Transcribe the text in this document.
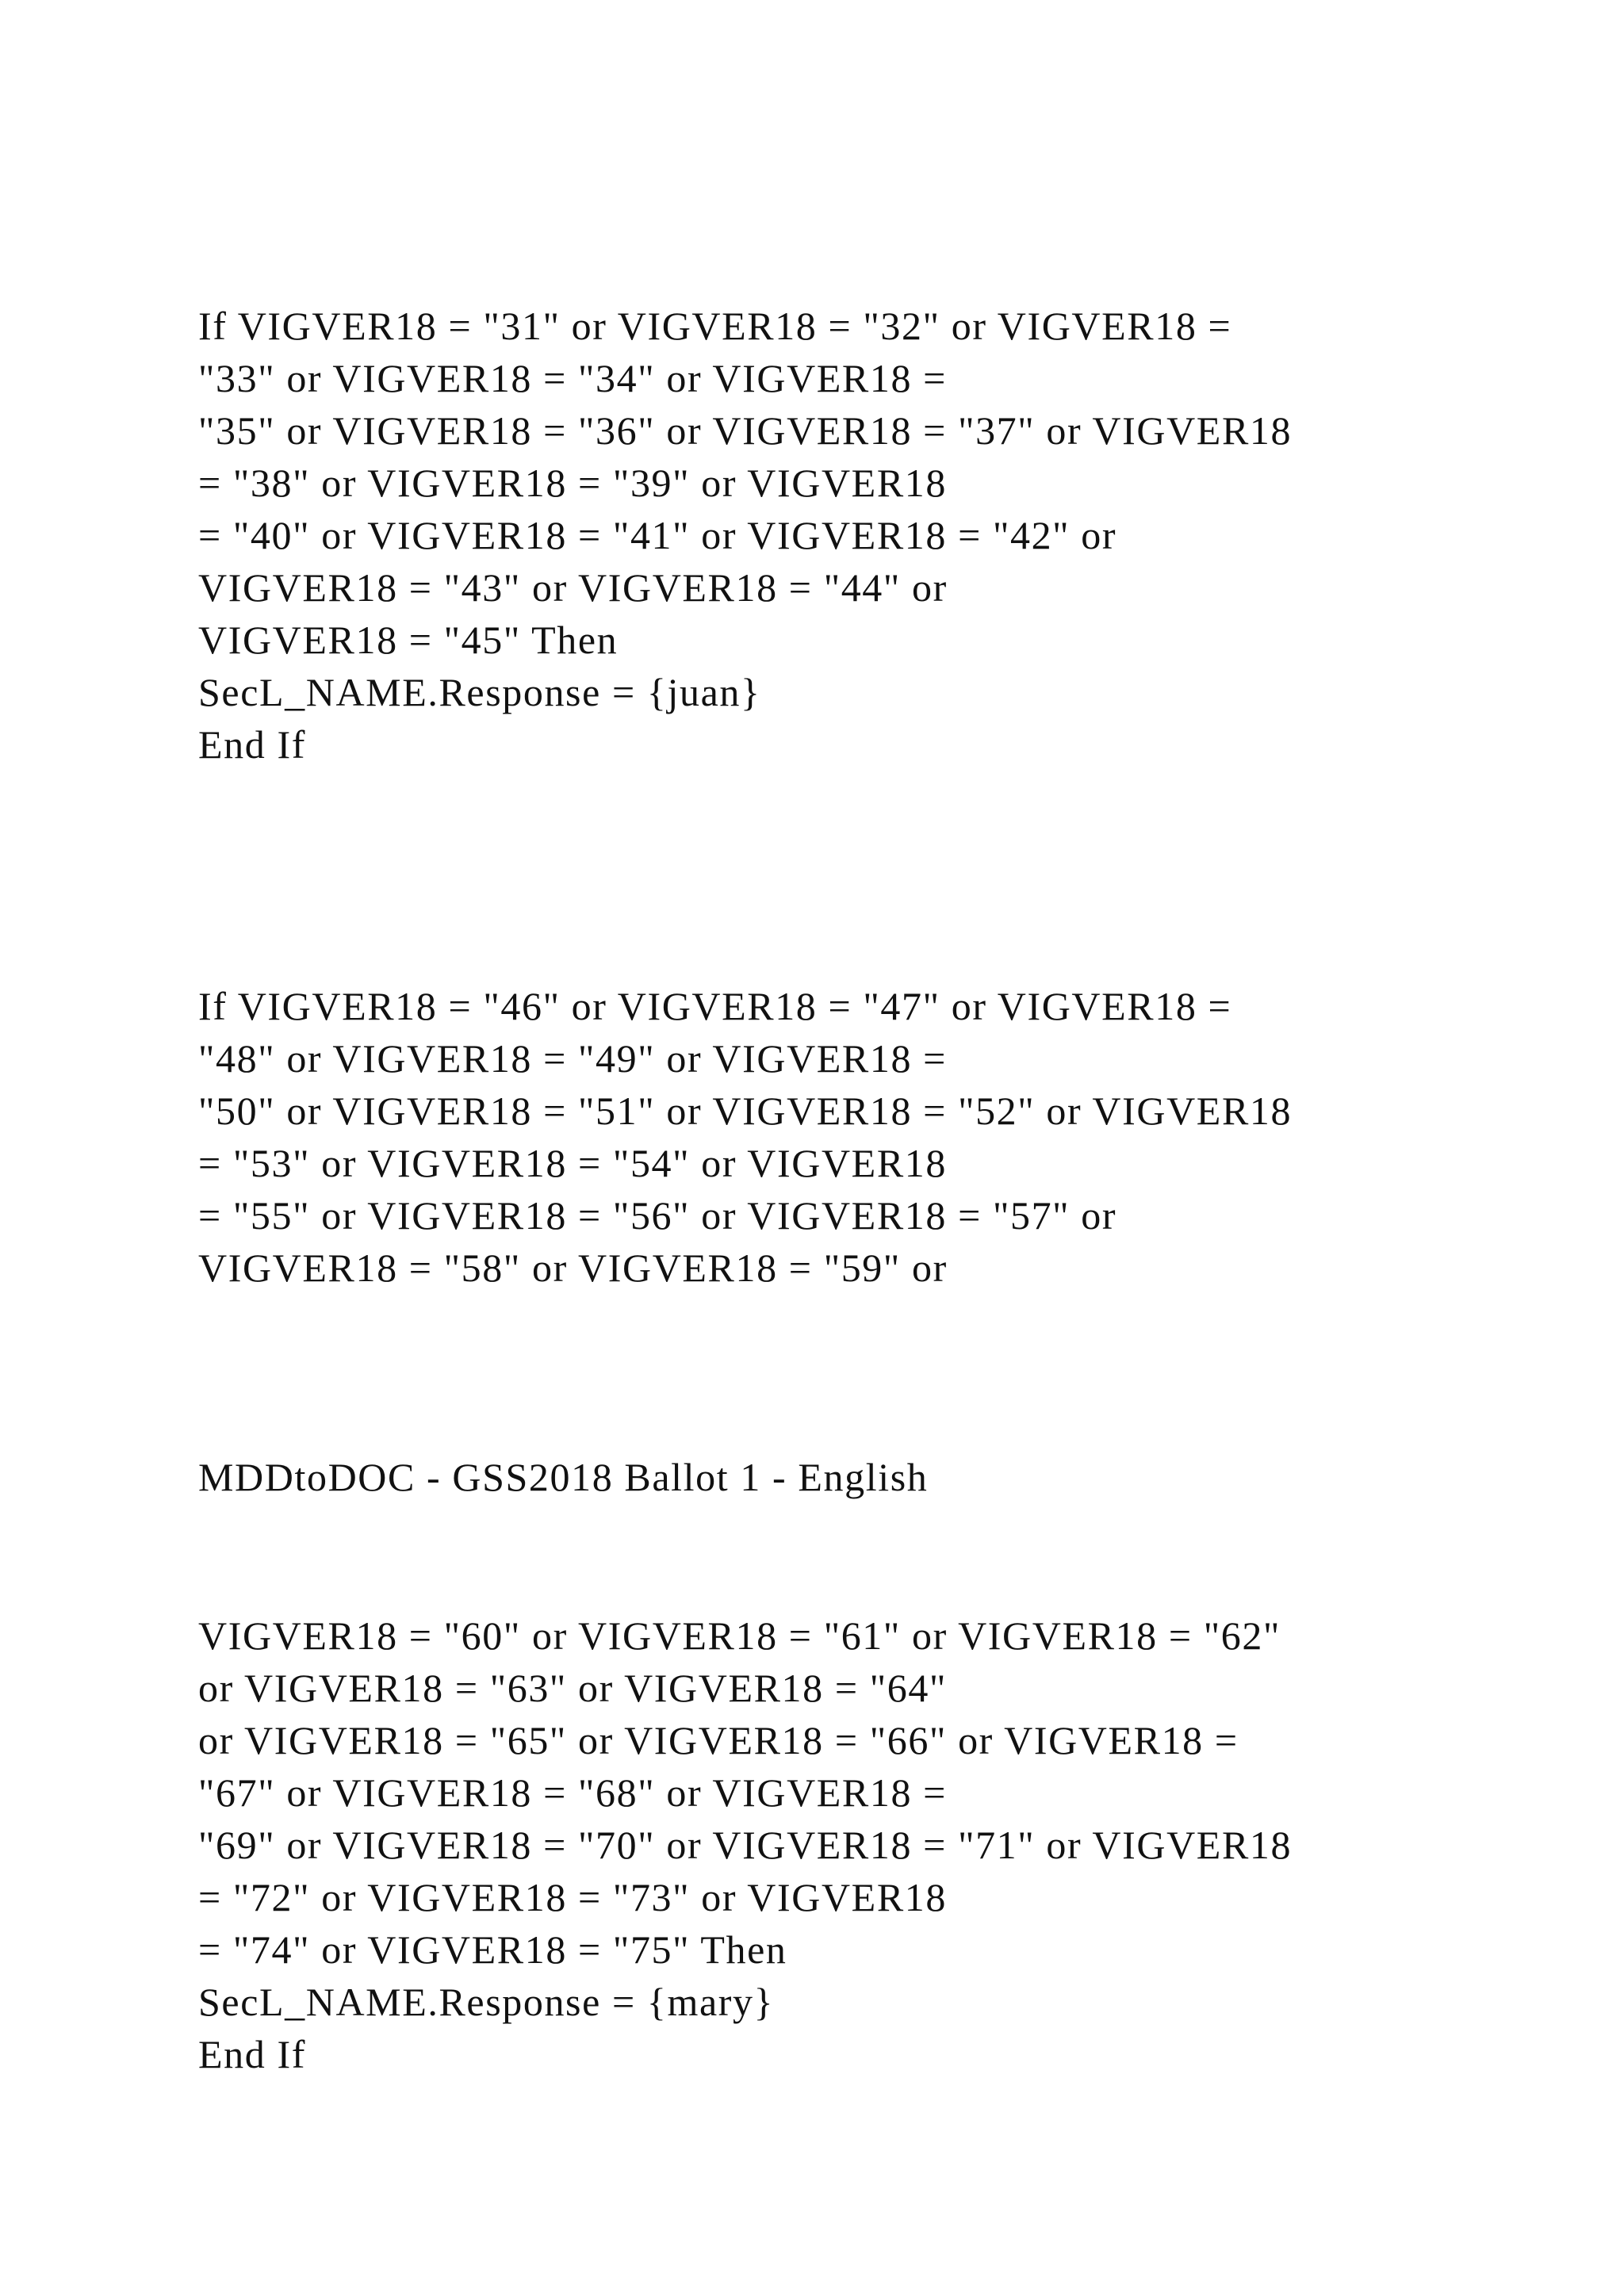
If VIGVER18 = "31" or VIGVER18 = "32" or VIGVER18 =
"33" or VIGVER18 = "34" or VIGVER18 =
"35" or VIGVER18 = "36" or VIGVER18 = "37" or VIGVER18
= "38" or VIGVER18 = "39" or VIGVER18
= "40" or VIGVER18 = "41" or VIGVER18 = "42" or
VIGVER18 = "43" or VIGVER18 = "44" or
VIGVER18 = "45" Then
SecL_NAME.Response = {juan}
End If
If VIGVER18 = "46" or VIGVER18 = "47" or VIGVER18 =
"48" or VIGVER18 = "49" or VIGVER18 =
"50" or VIGVER18 = "51" or VIGVER18 = "52" or VIGVER18
= "53" or VIGVER18 = "54" or VIGVER18
= "55" or VIGVER18 = "56" or VIGVER18 = "57" or
VIGVER18 = "58" or VIGVER18 = "59" or
MDDtoDOC - GSS2018 Ballot 1 - English
VIGVER18 = "60" or VIGVER18 = "61" or VIGVER18 = "62"
or VIGVER18 = "63" or VIGVER18 = "64"
or VIGVER18 = "65" or VIGVER18 = "66" or VIGVER18 =
"67" or VIGVER18 = "68" or VIGVER18 =
"69" or VIGVER18 = "70" or VIGVER18 = "71" or VIGVER18
= "72" or VIGVER18 = "73" or VIGVER18
= "74" or VIGVER18 = "75" Then
SecL_NAME.Response = {mary}
End If
